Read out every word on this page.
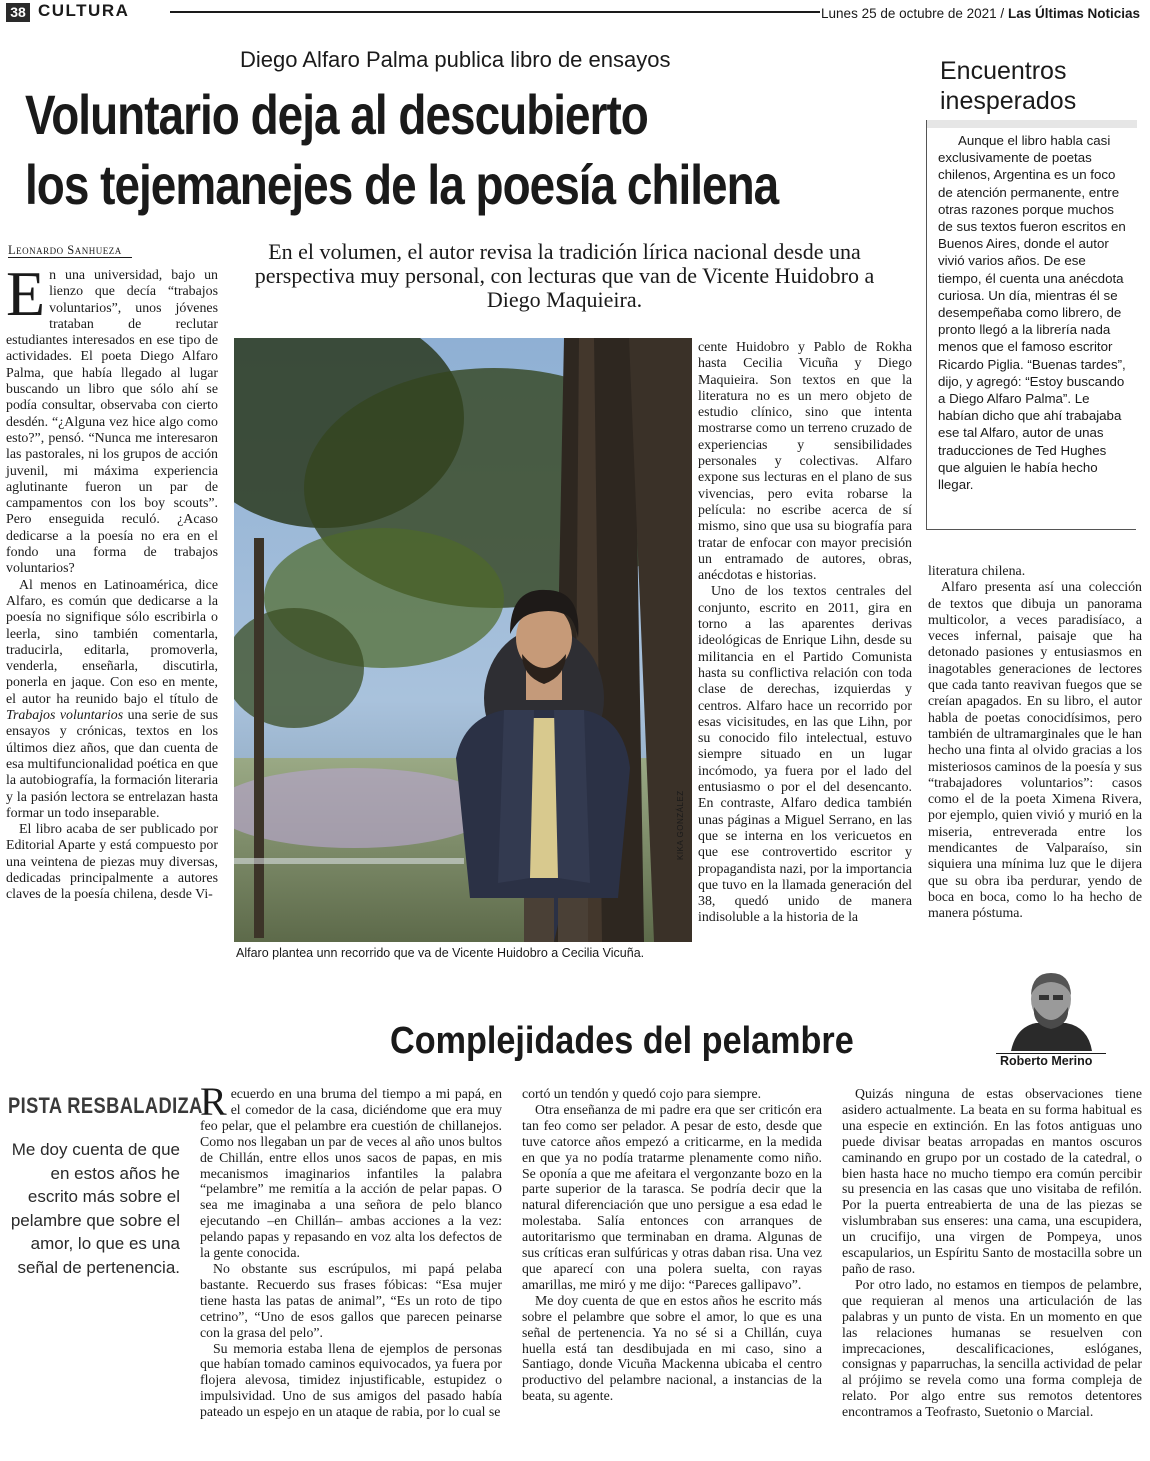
38 CULTURA	Lunes 25 de octubre de 2021 / Las Últimas Noticias
Diego Alfaro Palma publica libro de ensayos
Voluntario deja al descubierto
los tejemanejes de la poesía chilena
Leonardo Sanhueza	En el volumen, el autor revisa la tradición lírica nacional desde una perspectiva muy personal, con lecturas que van de Vicente Huidobro a Diego Maquieira.

En una universidad, bajo un lienzo que decía “trabajos voluntarios”, unos jóvenes trataban de reclutar estudiantes interesados en ese tipo de actividades. El poeta Diego Alfaro Palma, que había llegado al lugar buscando un libro que sólo ahí se podía consultar, observaba con cierto desdén. “¿Alguna vez hice algo como esto?”, pensó. “Nunca me interesaron las pastorales, ni los grupos de acción juvenil, mi máxima experiencia aglutinante fueron un par de campamentos con los boy scouts”. Pero enseguida reculó. ¿Acaso dedicarse a la poesía no era en el fondo una forma de trabajos voluntarios?

Al menos en Latinoamérica, dice Alfaro, es común que dedicarse a la poesía no signifique sólo escribirla o leerla, sino también comentarla, traducirla, editarla, promoverla, venderla, enseñarla, discutirla, ponerla en jaque. Con eso en mente, el autor ha reunido bajo el título de Trabajos voluntarios una serie de sus ensayos y crónicas, textos en los últimos diez años, que dan cuenta de esa multifuncionalidad poética en que la autobiografía, la formación literaria y la pasión lectora se entrelazan hasta formar un todo inseparable.

El libro acaba de ser publicado por Editorial Aparte y está compuesto por una veintena de piezas muy diversas, dedicadas principalmente a autores claves de la poesía chilena, desde Vi-

Alfaro plantea unn recorrido que va de Vicente Huidobro a Cecilia Vicuña.
KIKA GONZÁLEZ

cente Huidobro y Pablo de Rokha hasta Cecilia Vicuña y Diego Maquieira. Son textos en que la literatura no es un mero objeto de estudio clínico, sino que intenta mostrarse como un terreno cruzado de experiencias y sensibilidades personales y colectivas. Alfaro expone sus lecturas en el plano de sus vivencias, pero evita robarse la película: no escribe acerca de sí mismo, sino que usa su biografía para tratar de enfocar con mayor precisión un entramado de autores, obras, anécdotas e historias.

Uno de los textos centrales del conjunto, escrito en 2011, gira en torno a las aparentes derivas ideológicas de Enrique Lihn, desde su militancia en el Partido Comunista hasta su conflictiva relación con toda clase de derechas, izquierdas y centros. Alfaro hace un recorrido por esas vicisitudes, en las que Lihn, por su conocido filo intelectual, estuvo siempre situado en un lugar incómodo, ya fuera por el lado del entusiasmo o por el del desencanto. En contraste, Alfaro dedica también unas páginas a Miguel Serrano, en las que se interna en los vericuetos en que ese controvertido escritor y propagandista nazi, por la importancia que tuvo en la llamada generación del 38, quedó unido de manera indisoluble a la historia de la

literatura chilena.

Alfaro presenta así una colección de textos que dibuja un panorama multicolor, a veces paradisíaco, a veces infernal, paisaje que ha detonado pasiones y entusiasmos en inagotables generaciones de lectores que cada tanto reavivan fuegos que se creían apagados. En su libro, el autor habla de poetas conocidísimos, pero también de ultramarginales que le han hecho una finta al olvido gracias a los misteriosos caminos de la poesía y sus “trabajadores voluntarios”: casos como el de la poeta Ximena Rivera, por ejemplo, quien vivió y murió en la miseria, entreverada entre los mendicantes de Valparaíso, sin siquiera una mínima luz que le dijera que su obra iba perdurar, yendo de boca en boca, como lo ha hecho de manera póstuma.

Encuentros
inesperados

Aunque el libro habla casi exclusivamente de poetas chilenos, Argentina es un foco de atención permanente, entre otras razones porque muchos de sus textos fueron escritos en Buenos Aires, donde el autor vivió varios años. De ese tiempo, él cuenta una anécdota curiosa. Un día, mientras él se desempeñaba como librero, de pronto llegó a la librería nada menos que el famoso escritor Ricardo Piglia. “Buenas tardes”, dijo, y agregó: “Estoy buscando a Diego Alfaro Palma”. Le habían dicho que ahí trabajaba ese tal Alfaro, autor de unas traducciones de Ted Hughes que alguien le había hecho llegar.

Complejidades del pelambre	Roberto Merino
PISTA RESBALADIZA
Me doy cuenta de que en estos años he escrito más sobre el pelambre que sobre el amor, lo que es una señal de pertenencia.

Recuerdo en una bruma del tiempo a mi papá, en el comedor de la casa, diciéndome que era muy feo pelar, que el pelambre era cuestión de chillanejos. Como nos llegaban un par de veces al año unos bultos de Chillán, entre ellos unos sacos de papas, en mis mecanismos imaginarios infantiles la palabra “pelambre” me remitía a la acción de pelar papas. O sea me imaginaba a una señora de pelo blanco ejecutando –en Chillán– ambas acciones a la vez: pelando papas y repasando en voz alta los defectos de la gente conocida.

No obstante sus escrúpulos, mi papá pelaba bastante. Recuerdo sus frases fóbicas: “Esa mujer tiene hasta las patas de animal”, “Es un roto de tipo cetrino”, “Uno de esos gallos que parecen peinarse con la grasa del pelo”.

Su memoria estaba llena de ejemplos de personas que habían tomado caminos equivocados, ya fuera por flojera alevosa, timidez injustificable, estupidez o impulsividad. Uno de sus amigos del pasado había pateado un espejo en un ataque de rabia, por lo cual se

cortó un tendón y quedó cojo para siempre.

Otra enseñanza de mi padre era que ser criticón era tan feo como ser pelador. A pesar de esto, desde que tuve catorce años empezó a criticarme, en la medida en que ya no podía tratarme plenamente como niño. Se oponía a que me afeitara el vergonzante bozo en la parte superior de la tarasca. Se podría decir que la natural diferenciación que uno persigue a esa edad le molestaba. Salía entonces con arranques de autoritarismo que terminaban en drama. Algunas de sus críticas eran sulfúricas y otras daban risa. Una vez que aparecí con una polera suelta, con rayas amarillas, me miró y me dijo: “Pareces gallipavo”.

Me doy cuenta de que en estos años he escrito más sobre el pelambre que sobre el amor, lo que es una señal de pertenencia. Ya no sé si a Chillán, cuya huella está tan desdibujada en mi caso, sino a Santiago, donde Vicuña Mackenna ubicaba el centro productivo del pelambre nacional, a instancias de la beata, su agente.

Quizás ninguna de estas observaciones tiene asidero actualmente. La beata en su forma habitual es una especie en extinción. En las fotos antiguas uno puede divisar beatas arropadas en mantos oscuros caminando en grupo por un costado de la catedral, o bien hasta hace no mucho tiempo era común percibir su presencia en las casas que uno visitaba de refilón. Por la puerta entreabierta de una de las piezas se vislumbraban sus enseres: una cama, una escupidera, un crucifijo, una virgen de Pompeya, unos escapularios, un Espíritu Santo de mostacilla sobre un paño de raso.

Por otro lado, no estamos en tiempos de pelambre, que requieran al menos una articulación de las palabras y un punto de vista. En un momento en que las relaciones humanas se resuelven con imprecaciones, descalificaciones, eslóganes, consignas y paparruchas, la sencilla actividad de pelar al prójimo se revela como una forma compleja de relato. Por algo entre sus remotos detentores encontramos a Teofrasto, Suetonio o Marcial.
